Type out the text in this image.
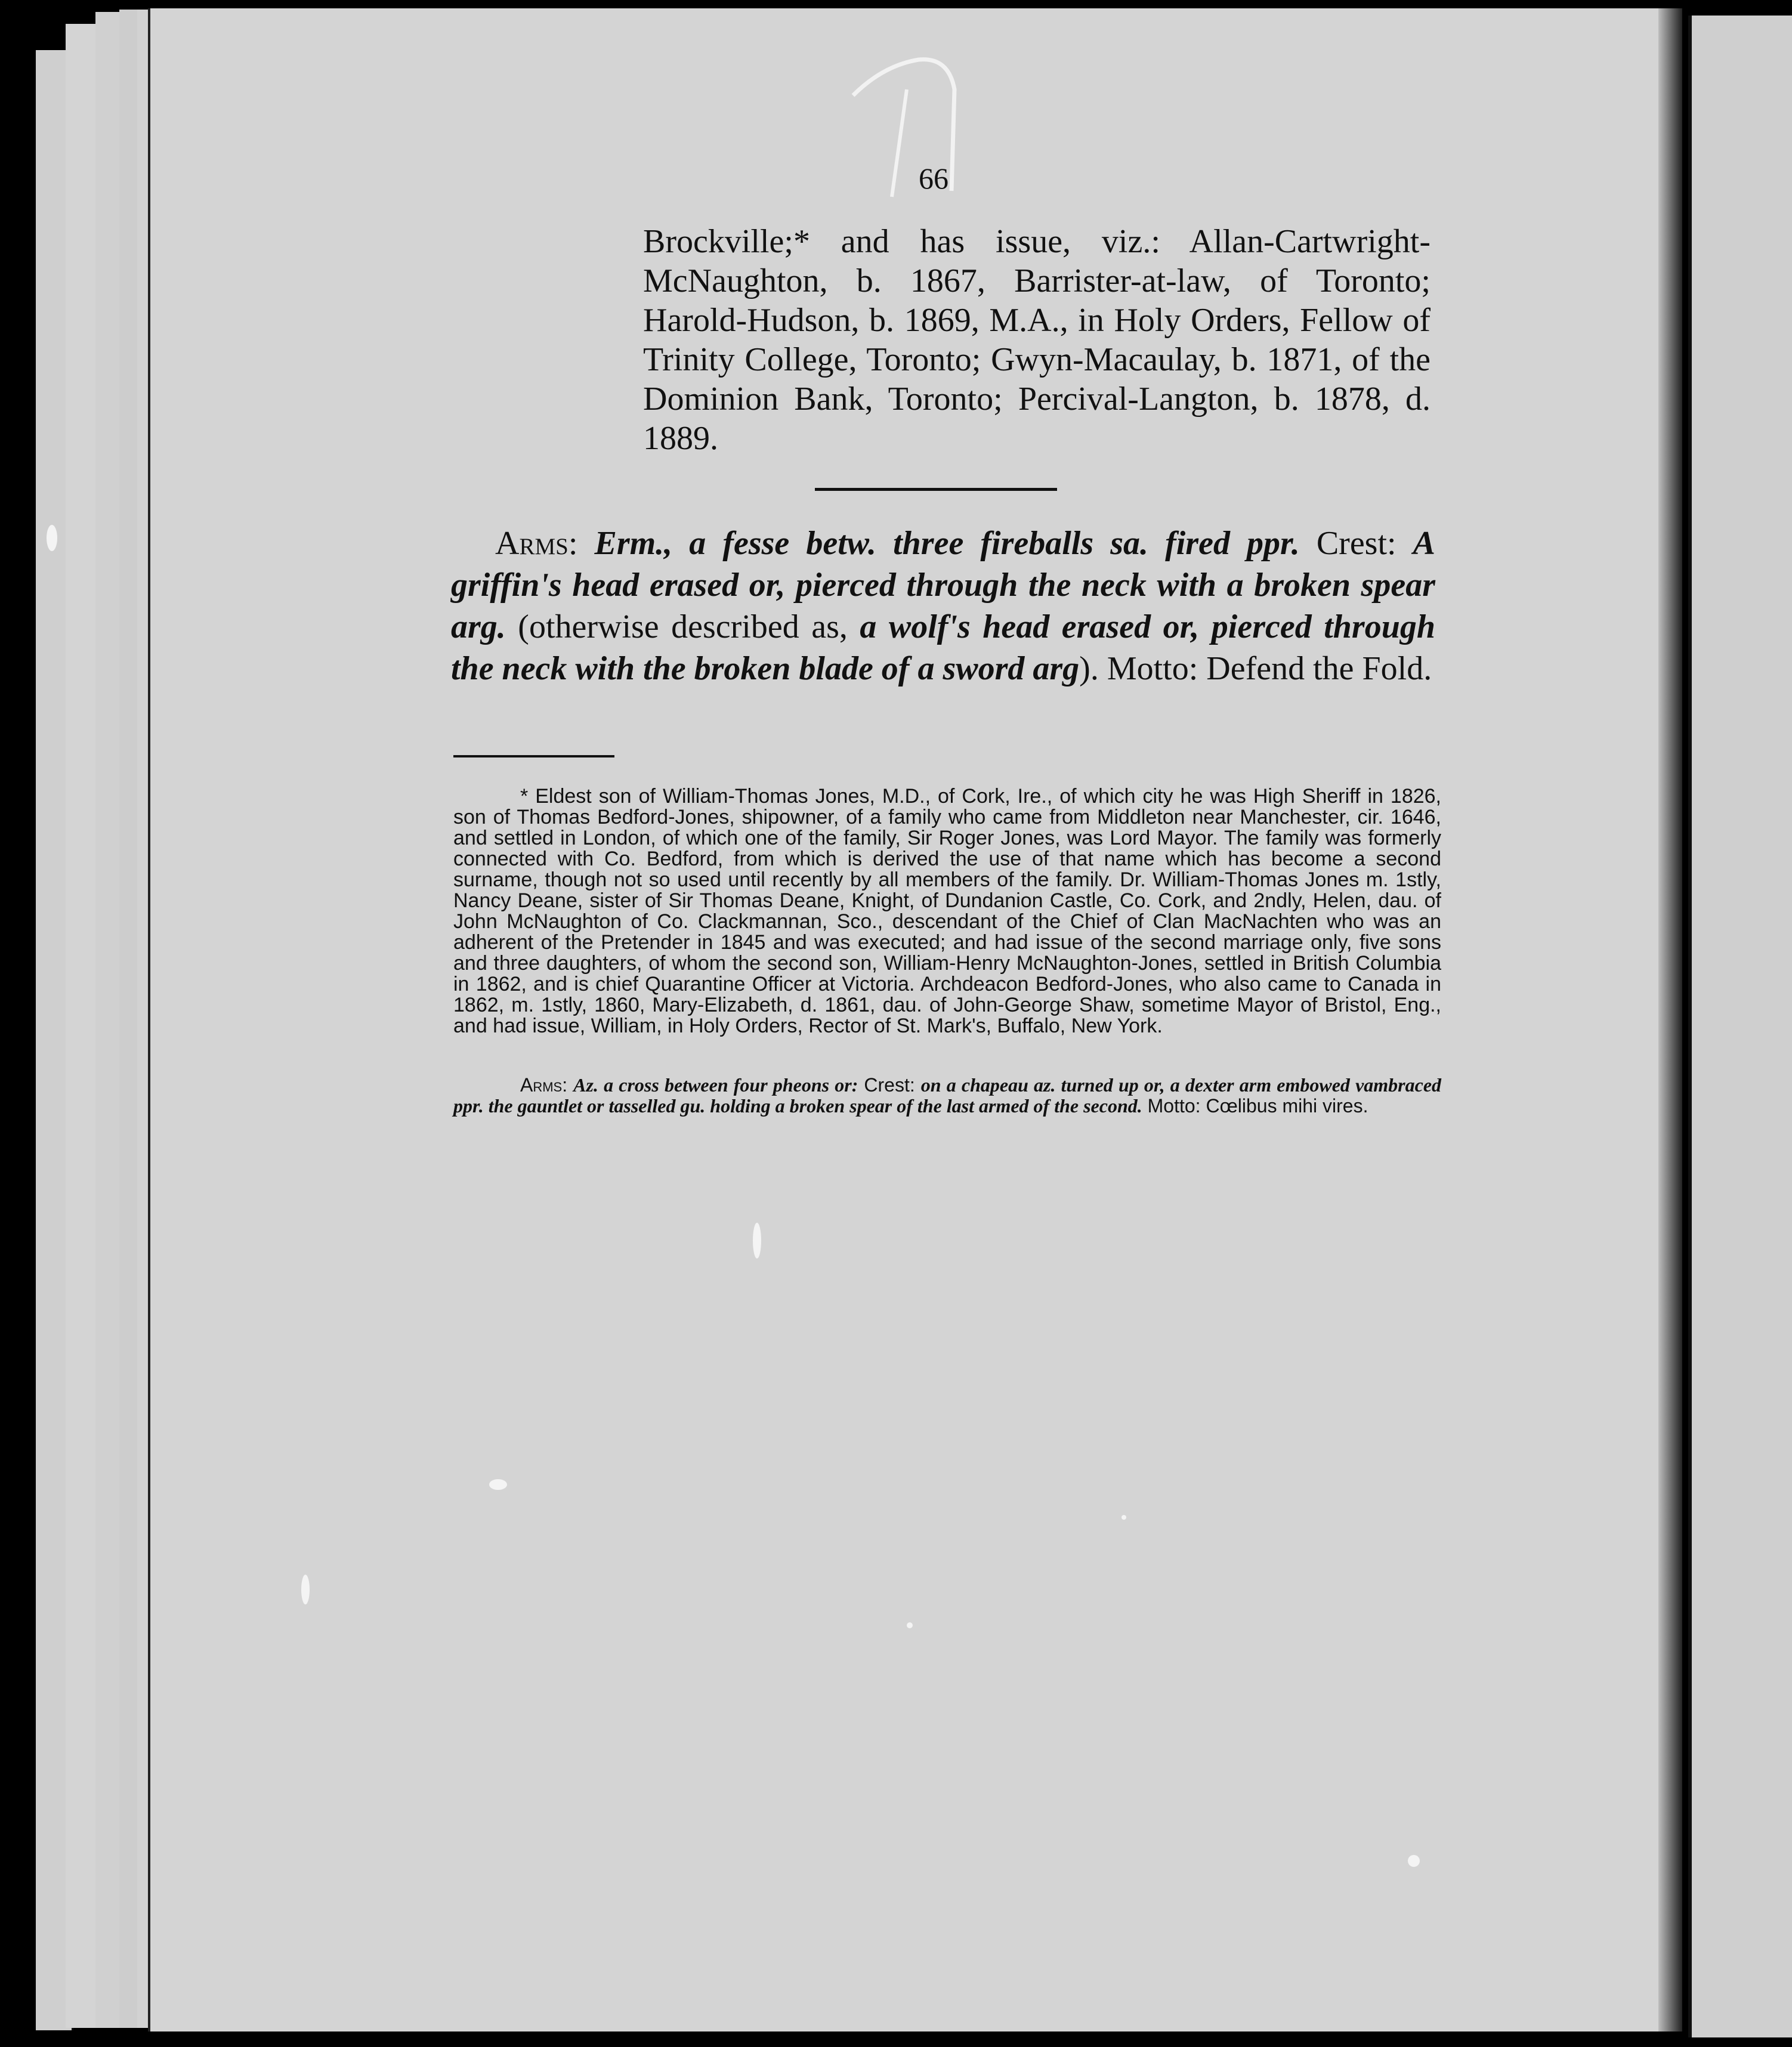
66
Brockville;* and has issue, viz.: Allan-Cartwright-McNaughton, b. 1867, Barrister-at-law, of Toronto; Harold-Hudson, b. 1869, M.A., in Holy Orders, Fellow of Trinity College, Toronto; Gwyn-Macaulay, b. 1871, of the Dominion Bank, Toronto; Percival-Langton, b. 1878, d. 1889.
Arms: Erm., a fesse betw. three fireballs sa. fired ppr. Crest: A griffin's head erased or, pierced through the neck with a broken spear arg. (otherwise described as, a wolf's head erased or, pierced through the neck with the broken blade of a sword arg). Motto: Defend the Fold.
* Eldest son of William-Thomas Jones, M.D., of Cork, Ire., of which city he was High Sheriff in 1826, son of Thomas Bedford-Jones, shipowner, of a family who came from Middleton near Manchester, cir. 1646, and settled in London, of which one of the family, Sir Roger Jones, was Lord Mayor. The family was formerly connected with Co. Bedford, from which is derived the use of that name which has become a second surname, though not so used until recently by all members of the family. Dr. William-Thomas Jones m. 1stly, Nancy Deane, sister of Sir Thomas Deane, Knight, of Dundanion Castle, Co. Cork, and 2ndly, Helen, dau. of John McNaughton of Co. Clackmannan, Sco., descendant of the Chief of Clan MacNachten who was an adherent of the Pretender in 1845 and was executed; and had issue of the second marriage only, five sons and three daughters, of whom the second son, William-Henry McNaughton-Jones, settled in British Columbia in 1862, and is chief Quarantine Officer at Victoria. Archdeacon Bedford-Jones, who also came to Canada in 1862, m. 1stly, 1860, Mary-Elizabeth, d. 1861, dau. of John-George Shaw, sometime Mayor of Bristol, Eng., and had issue, William, in Holy Orders, Rector of St. Mark's, Buffalo, New York.
Arms: Az. a cross between four pheons or: Crest: on a chapeau az. turned up or, a dexter arm embowed vambraced ppr. the gauntlet or tasselled gu. holding a broken spear of the last armed of the second. Motto: Cœlibus mihi vires.
